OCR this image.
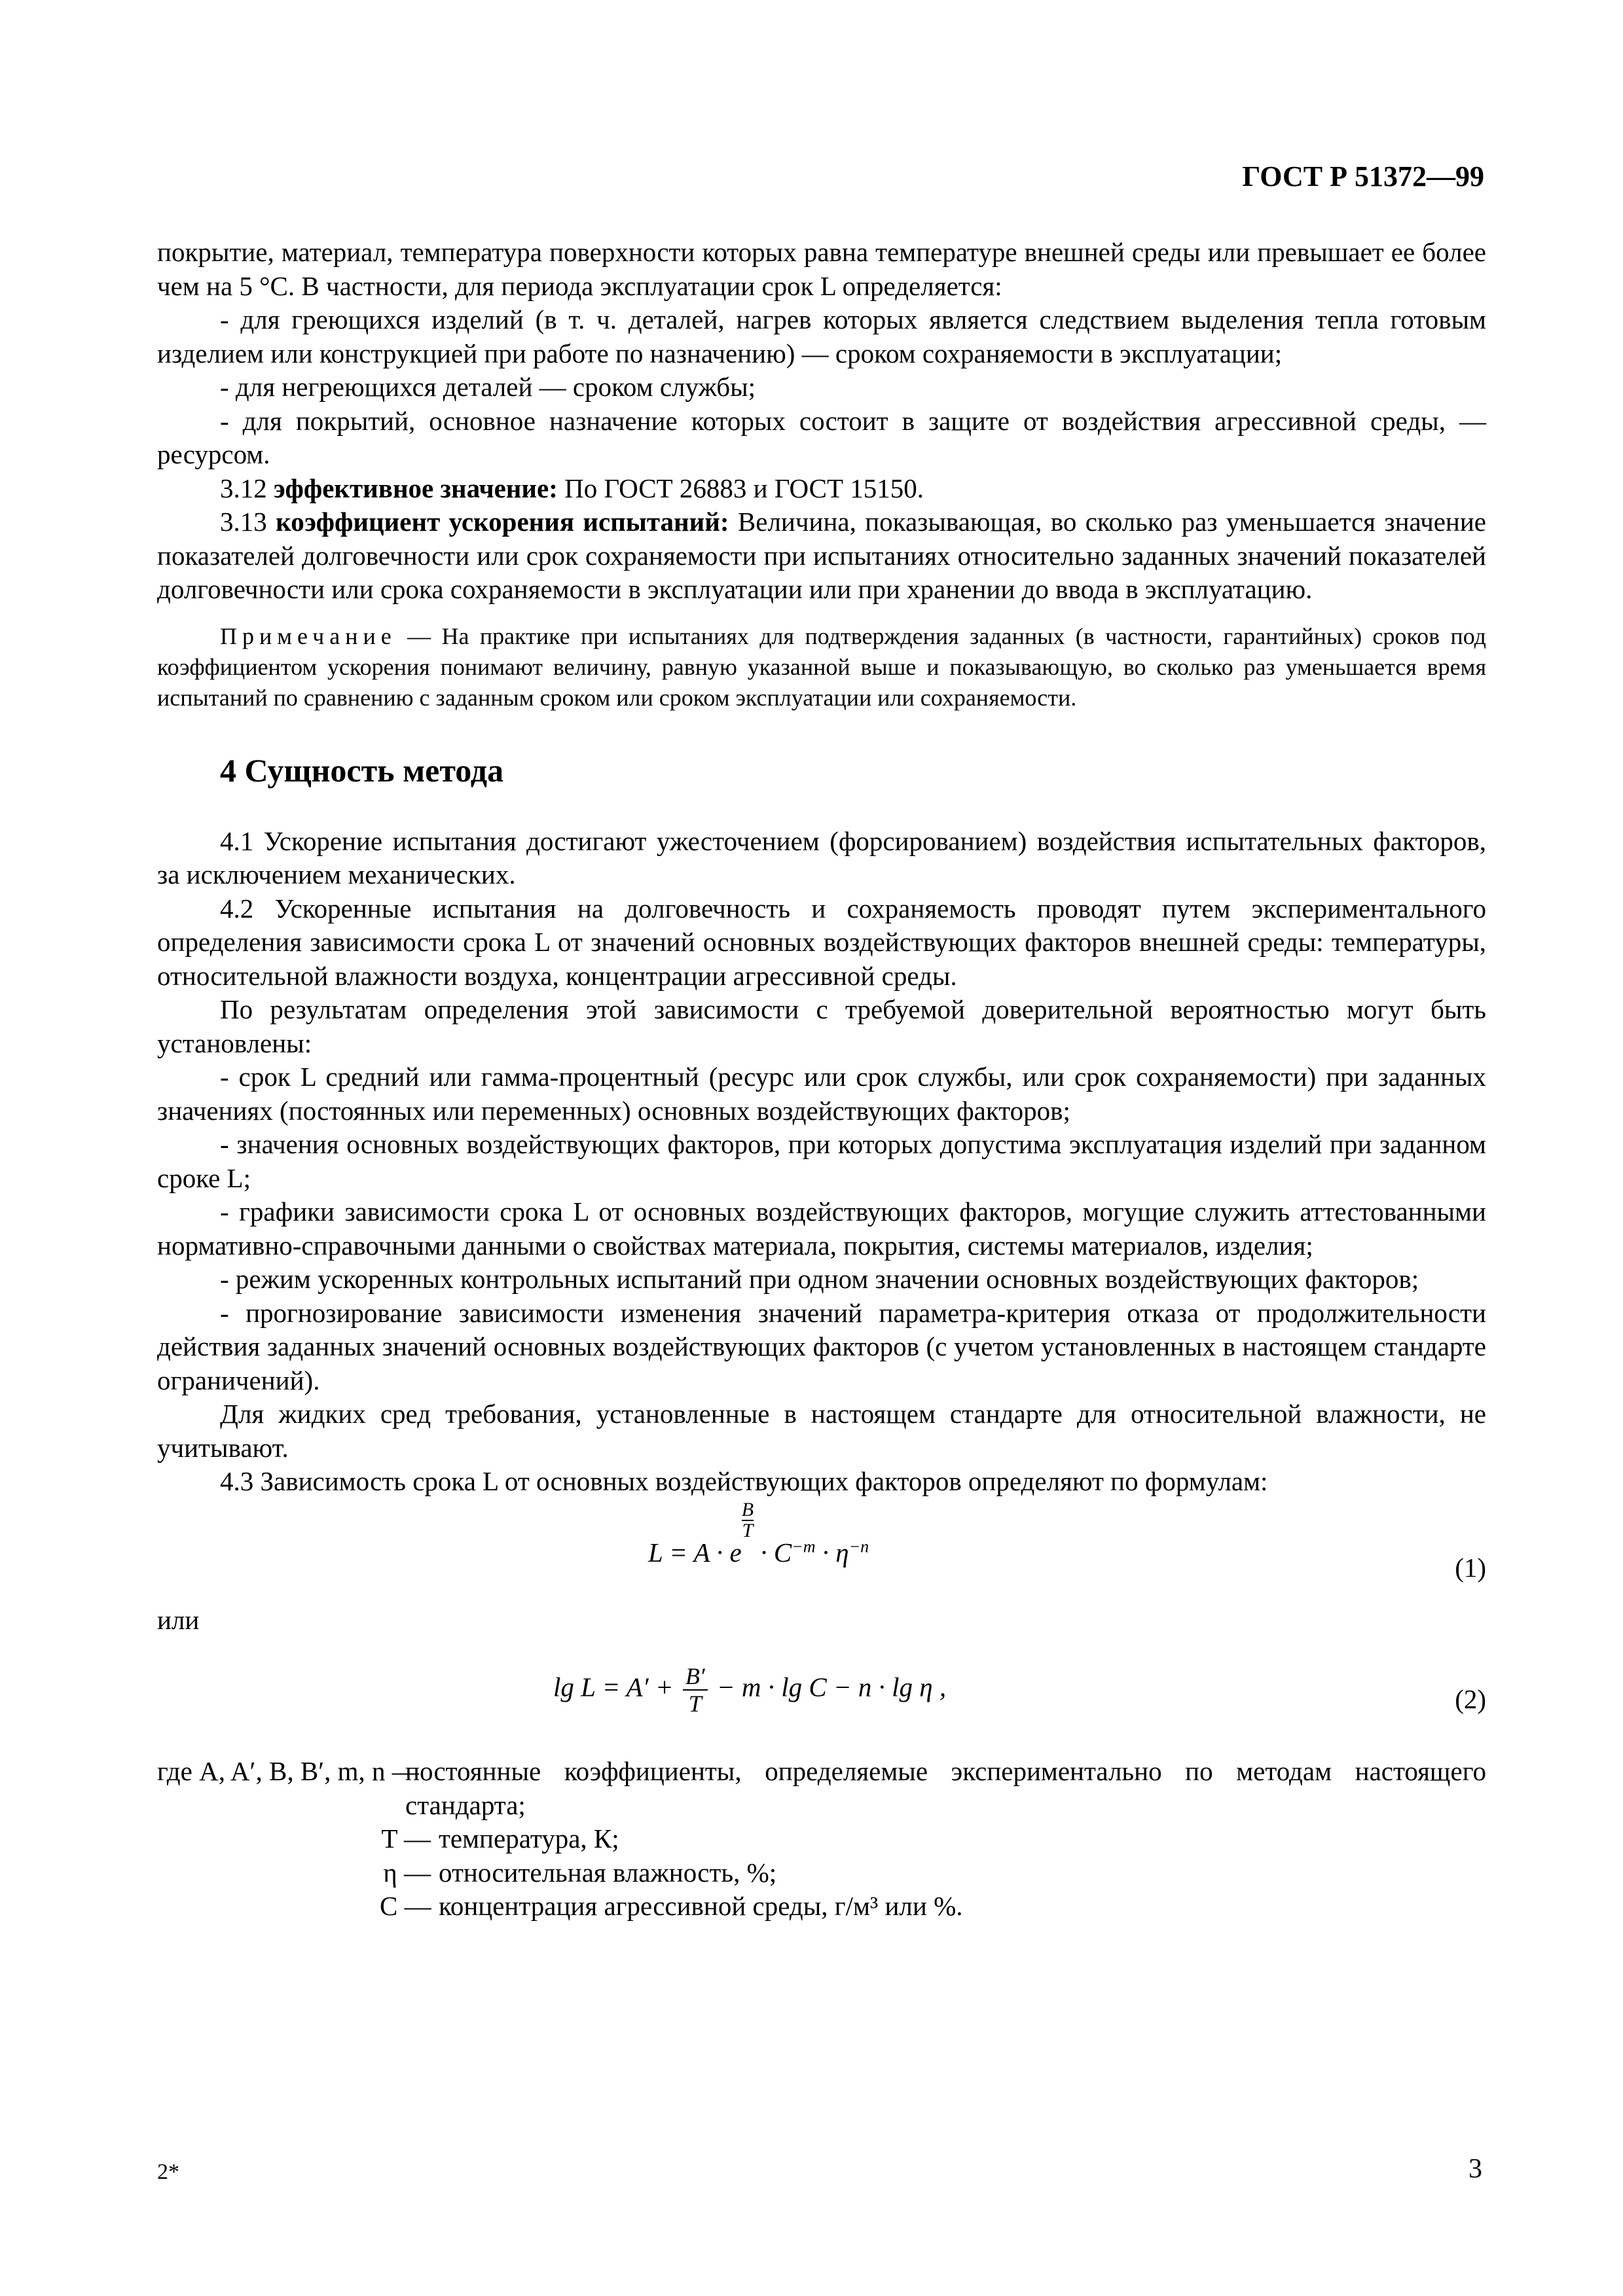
ГОСТ Р 51372—99

покрытие, материал, температура поверхности которых равна температуре внешней среды или превышает ее более чем на 5 °С. В частности, для периода эксплуатации срок L определяется:

- для греющихся изделий (в т. ч. деталей, нагрев которых является следствием выделения тепла готовым изделием или конструкцией при работе по назначению) — сроком сохраняемости в эксплуатации;

- для негреющихся деталей — сроком службы;

- для покрытий, основное назначение которых состоит в защите от воздействия агрессивной среды, — ресурсом.

3.12 эффективное значение: По ГОСТ 26883 и ГОСТ 15150.

3.13 коэффициент ускорения испытаний: Величина, показывающая, во сколько раз уменьшается значение показателей долговечности или срок сохраняемости при испытаниях относительно заданных значений показателей долговечности или срока сохраняемости в эксплуатации или при хранении до ввода в эксплуатацию.

Примечание — На практике при испытаниях для подтверждения заданных (в частности, гарантийных) сроков под коэффициентом ускорения понимают величину, равную указанной выше и показывающую, во сколько раз уменьшается время испытаний по сравнению с заданным сроком или сроком эксплуатации или сохраняемости.

4 Сущность метода

4.1 Ускорение испытания достигают ужесточением (форсированием) воздействия испытательных факторов, за исключением механических.

4.2 Ускоренные испытания на долговечность и сохраняемость проводят путем экспериментального определения зависимости срока L от значений основных воздействующих факторов внешней среды: температуры, относительной влажности воздуха, концентрации агрессивной среды.

По результатам определения этой зависимости с требуемой доверительной вероятностью могут быть установлены:

- срок L средний или гамма-процентный (ресурс или срок службы, или срок сохраняемости) при заданных значениях (постоянных или переменных) основных воздействующих факторов;

- значения основных воздействующих факторов, при которых допустима эксплуатация изделий при заданном сроке L;

- графики зависимости срока L от основных воздействующих факторов, могущие служить аттестованными нормативно-справочными данными о свойствах материала, покрытия, системы материалов, изделия;

- режим ускоренных контрольных испытаний при одном значении основных воздействующих факторов;

- прогнозирование зависимости изменения значений параметра-критерия отказа от продолжительности действия заданных значений основных воздействующих факторов (с учетом установленных в настоящем стандарте ограничений).

Для жидких сред требования, установленные в настоящем стандарте для относительной влажности, не учитывают.

4.3 Зависимость срока L от основных воздействующих факторов определяют по формулам:

L = A · e
$\frac{B}{T}$
· $C^{-m} \cdot \eta^{-n}$
(1)

или

$\lg L = A' + \frac{B'}{T} - m \cdot \lg C - n \cdot \lg \eta$ ,	(2)
где A, A′, B, B′, m, n —
постоянные коэффициенты, определяемые экспериментально по методам настоящего стандарта;
T — температура, К;
η — относительная влажность, %;
C — концентрация агрессивной среды, г/м³ или %.
2*	3
